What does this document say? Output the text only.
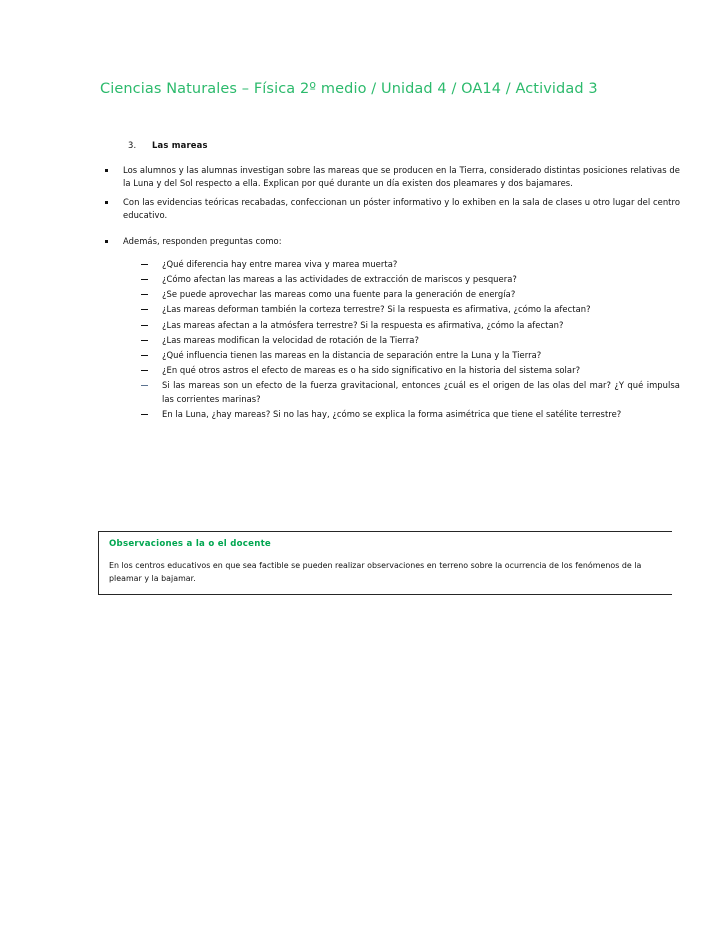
Ciencias Naturales – Física 2º medio / Unidad 4 / OA14 / Actividad 3
3.	Las mareas
Los alumnos y las alumnas investigan sobre las mareas que se producen en la Tierra, considerado distintas posiciones relativas de la Luna y del Sol respecto a ella. Explican por qué durante un día existen dos pleamares y dos bajamares.
Con las evidencias teóricas recabadas, confeccionan un póster informativo y lo exhiben en la sala de clases u otro lugar del centro educativo.
Además, responden preguntas como:
¿Qué diferencia hay entre marea viva y marea muerta?
¿Cómo afectan las mareas a las actividades de extracción de mariscos y pesquera?
¿Se puede aprovechar las mareas como una fuente para la generación de energía?
¿Las mareas deforman también la corteza terrestre? Si la respuesta es afirmativa, ¿cómo la afectan?
¿Las mareas afectan a la atmósfera terrestre? Si la respuesta es afirmativa, ¿cómo la afectan?
¿Las mareas modifican la velocidad de rotación de la Tierra?
¿Qué influencia tienen las mareas en la distancia de separación entre la Luna y la Tierra?
¿En qué otros astros el efecto de mareas es o ha sido significativo en la historia del sistema solar?
Si las mareas son un efecto de la fuerza gravitacional, entonces ¿cuál es el origen de las olas del mar? ¿Y qué impulsa las corrientes marinas?
En la Luna, ¿hay mareas? Si no las hay, ¿cómo se explica la forma asimétrica que tiene el satélite terrestre?
Observaciones a la o el docente
En los centros educativos en que sea factible se pueden realizar observaciones en terreno sobre la ocurrencia de los fenómenos de la pleamar y la bajamar.
